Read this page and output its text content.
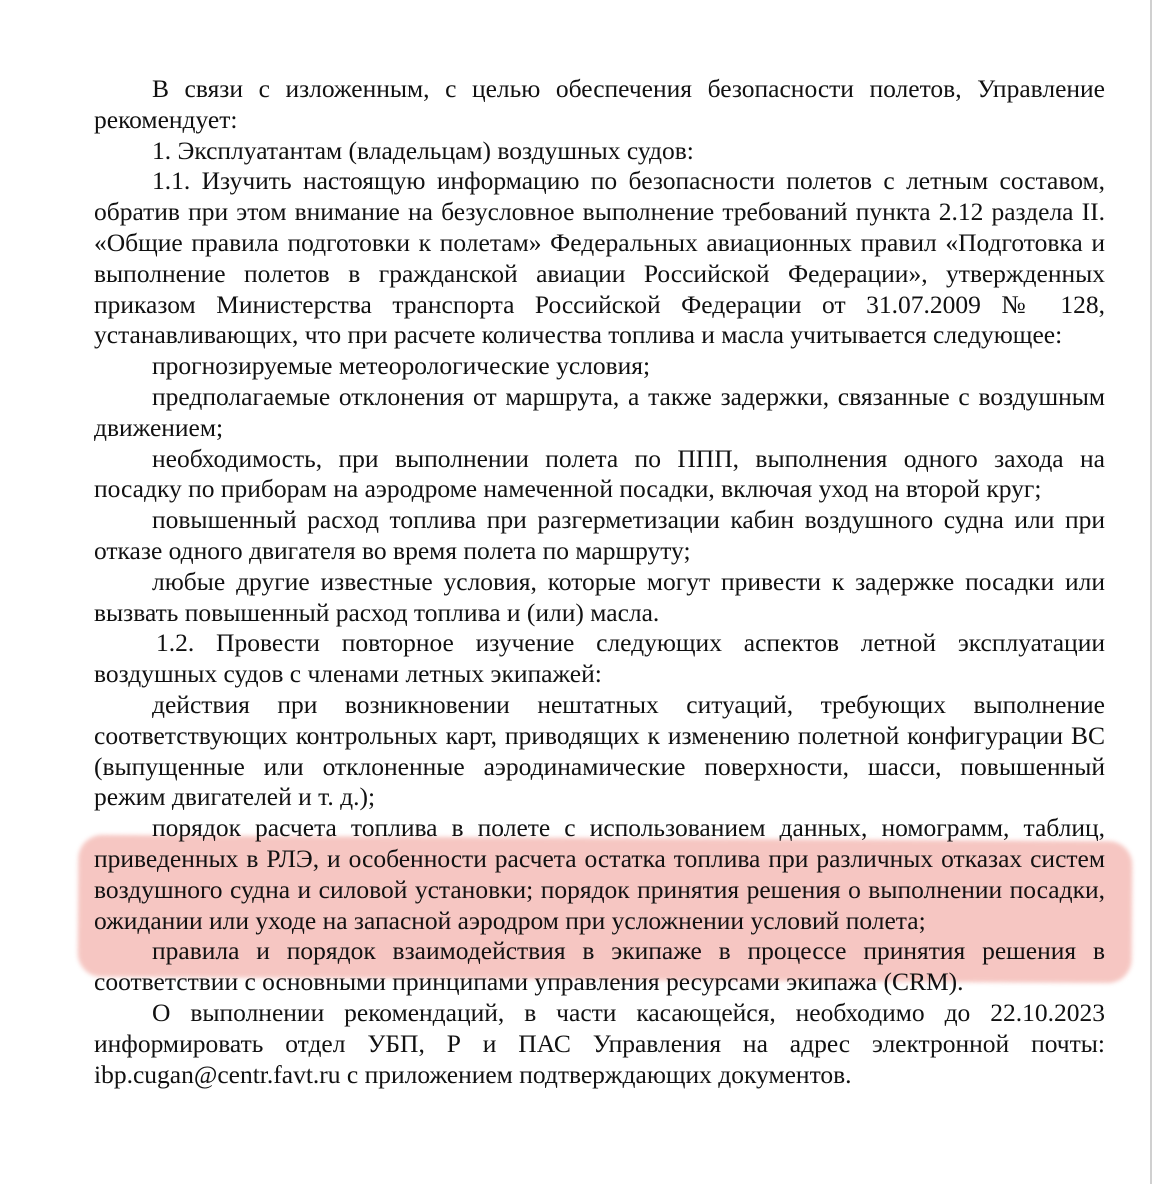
В связи с изложенным, с целью обеспечения безопасности полетов, Управление рекомендует:

1. Эксплуатантам (владельцам) воздушных судов:

1.1. Изучить настоящую информацию по безопасности полетов с летным составом, обратив при этом внимание на безусловное выполнение требований пункта 2.12 раздела II. «Общие правила подготовки к полетам» Федеральных авиационных правил «Подготовка и выполнение полетов в гражданской авиации Российской Федерации», утвержденных приказом Министерства транспорта Российской Федерации от 31.07.2009 № 128, устанавливающих, что при расчете количества топлива и масла учитывается следующее:

прогнозируемые метеорологические условия;

предполагаемые отклонения от маршрута, а также задержки, связанные с воздушным движением;

необходимость, при выполнении полета по ППП, выполнения одного захода на посадку по приборам на аэродроме намеченной посадки, включая уход на второй круг;

повышенный расход топлива при разгерметизации кабин воздушного судна или при отказе одного двигателя во время полета по маршруту;

любые другие известные условия, которые могут привести к задержке посадки или вызвать повышенный расход топлива и (или) масла.

1.2. Провести повторное изучение следующих аспектов летной эксплуатации воздушных судов с членами летных экипажей:

действия при возникновении нештатных ситуаций, требующих выполнение соответствующих контрольных карт, приводящих к изменению полетной конфигурации ВС (выпущенные или отклоненные аэродинамические поверхности, шасси, повышенный режим двигателей и т. д.);

порядок расчета топлива в полете с использованием данных, номограмм, таблиц, приведенных в РЛЭ, и особенности расчета остатка топлива при различных отказах систем воздушного судна и силовой установки; порядок принятия решения о выполнении посадки, ожидании или уходе на запасной аэродром при усложнении условий полета;

правила и порядок взаимодействия в экипаже в процессе принятия решения в соответствии с основными принципами управления ресурсами экипажа (CRM).

О выполнении рекомендаций, в части касающейся, необходимо до 22.10.2023 информировать отдел УБП, Р и ПАС Управления на адрес электронной почты: ibp.cugan@centr.favt.ru с приложением подтверждающих документов.
